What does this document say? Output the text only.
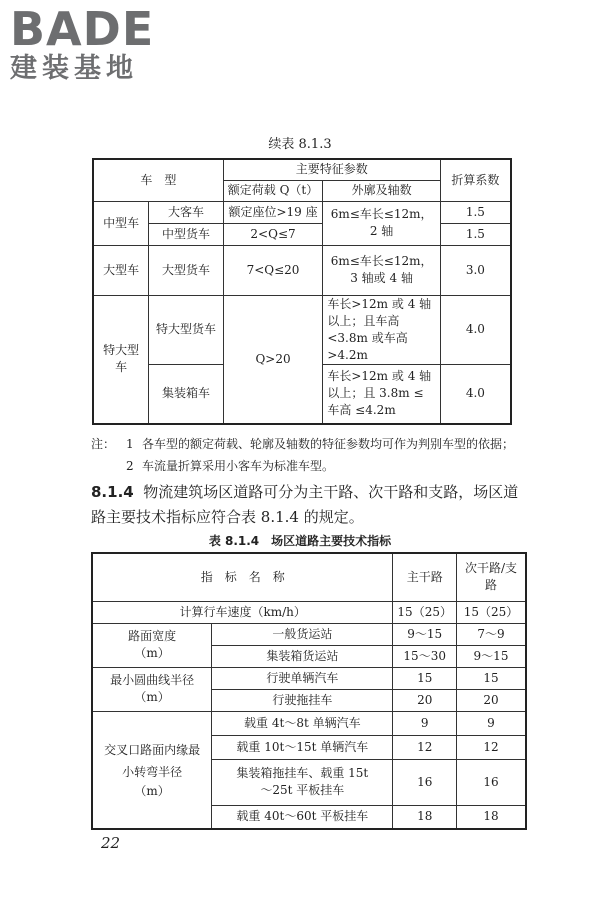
BADE
建装基地
续表 8.1.3
车　型		主要特征参数		折算系数
		额定荷载 Q（t）	外廓及轴数	
中型车	大客车	额定座位>19 座	6m≤车长≤12m，2 轴	1.5
	中型货车	2<Q≤7		1.5
大型车	大型货车	7<Q≤20	6m≤车长≤12m，3 轴或 4 轴	3.0
特大型车	特大型货车	Q>20	车长>12m 或 4 轴以上；且车高<3.8m 或车高>4.2m	4.0
	集装箱车		车长>12m 或 4 轴以上；且 3.8m ≤ 车高 ≤4.2m	4.0
注： 1 各车型的额定荷载、轮廓及轴数的特征参数均可作为判别车型的依据；
2 车流量折算采用小客车为标准车型。
8.1.4 物流建筑场区道路可分为主干路、次干路和支路，场区道路主要技术指标应符合表 8.1.4 的规定。
表 8.1.4　场区道路主要技术指标
指　标　名　称		主干路	次干路/支路
计算行车速度（km/h）		15（25）	15（25）
路面宽度
（m）	一般货运站	9～15	7～9
	集装箱货运站	15～30	9～15
最小圆曲线半径
（m）	行驶单辆汽车	15	15
	行驶拖挂车	20	20
交叉口路面内缘最小转弯半径
（m）	载重 4t～8t 单辆汽车	9	9
	载重 10t～15t 单辆汽车	12	12
	集装箱拖挂车、载重 15t～25t 平板挂车	16	16
	载重 40t～60t 平板挂车	18	18
22
